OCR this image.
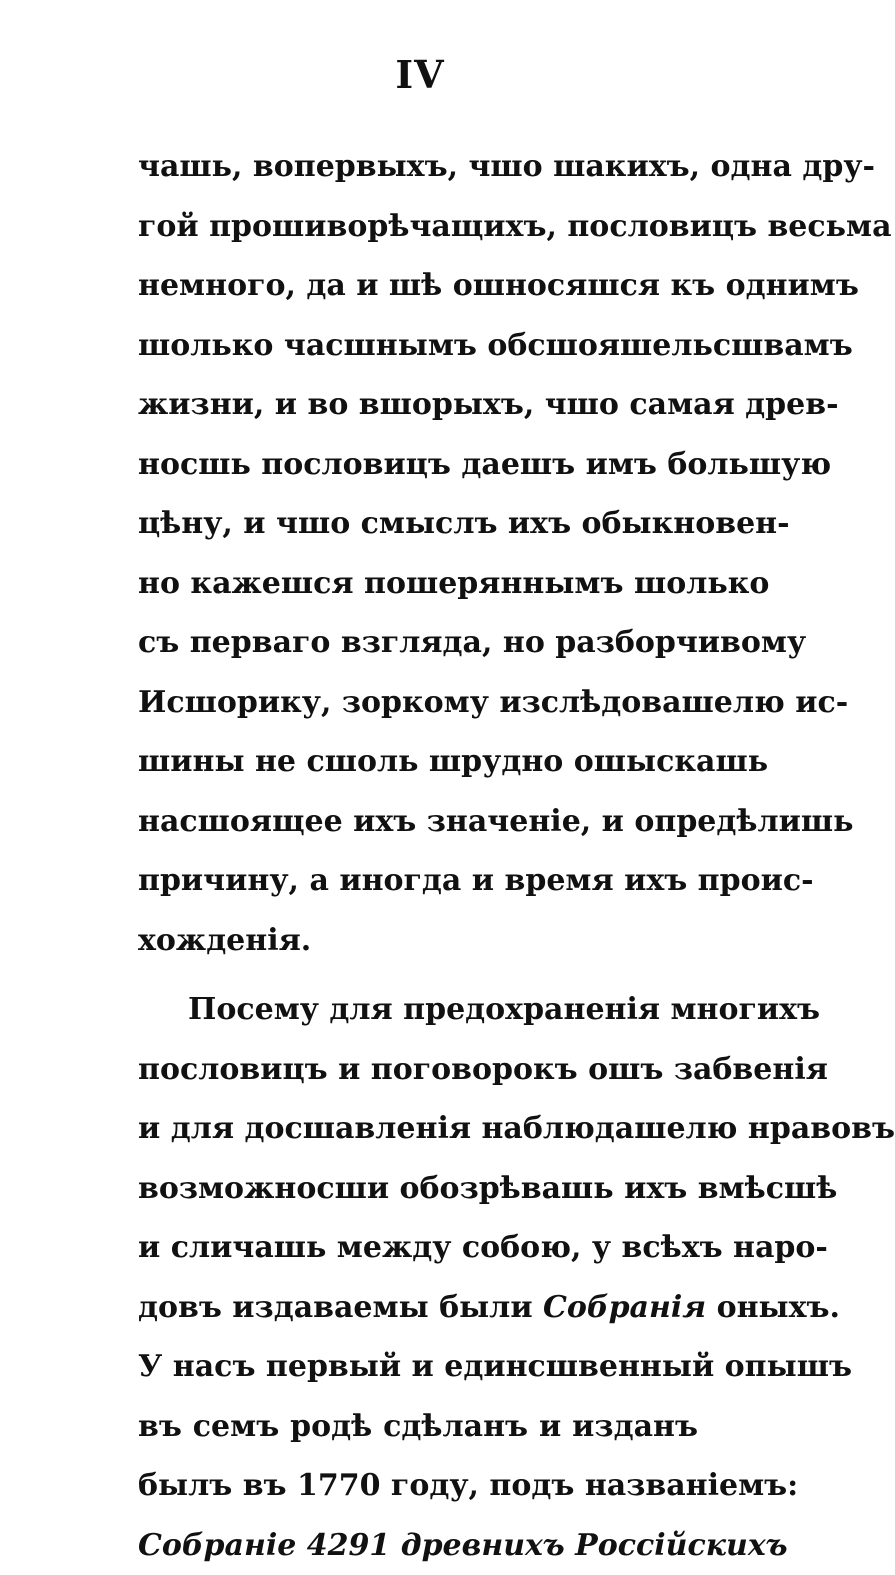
IV
чашь, вопервыхъ, чшо шакихъ, одна дру-
гой прошиворѣчащихъ, пословицъ весьма
немного, да и шѣ ошносяшся къ однимъ
шолько часшнымъ обсшояшельсшвамъ
жизни, и во вшорыхъ, чшо самая древ-
носшь пословицъ даешъ имъ большую
цѣну, и чшо смыслъ ихъ обыкновен-
но кажешся пошеряннымъ шолько
съ перваго взгляда, но разборчивому
Исшорику, зоркому изслѣдовашелю ис-
шины не сшоль шрудно ошыскашь
насшоящее ихъ значенiе, и опредѣлишь
причину, а иногда и время ихъ проис-
хожденiя.
Посему для предохраненiя многихъ
пословицъ и поговорокъ ошъ забвенiя
и для досшавленiя наблюдашелю нравовъ
возможносши обозрѣвашь ихъ вмѣсшѣ
и сличашь между собою, у всѣхъ наро-
довъ издаваемы были Собранiя оныхъ.
У насъ первый и единсшвенный опышъ
въ семъ родѣ сдѣланъ и изданъ
былъ въ 1770 году, подъ названiемъ:
Собранiе 4291 древнихъ Россiйскихъ
